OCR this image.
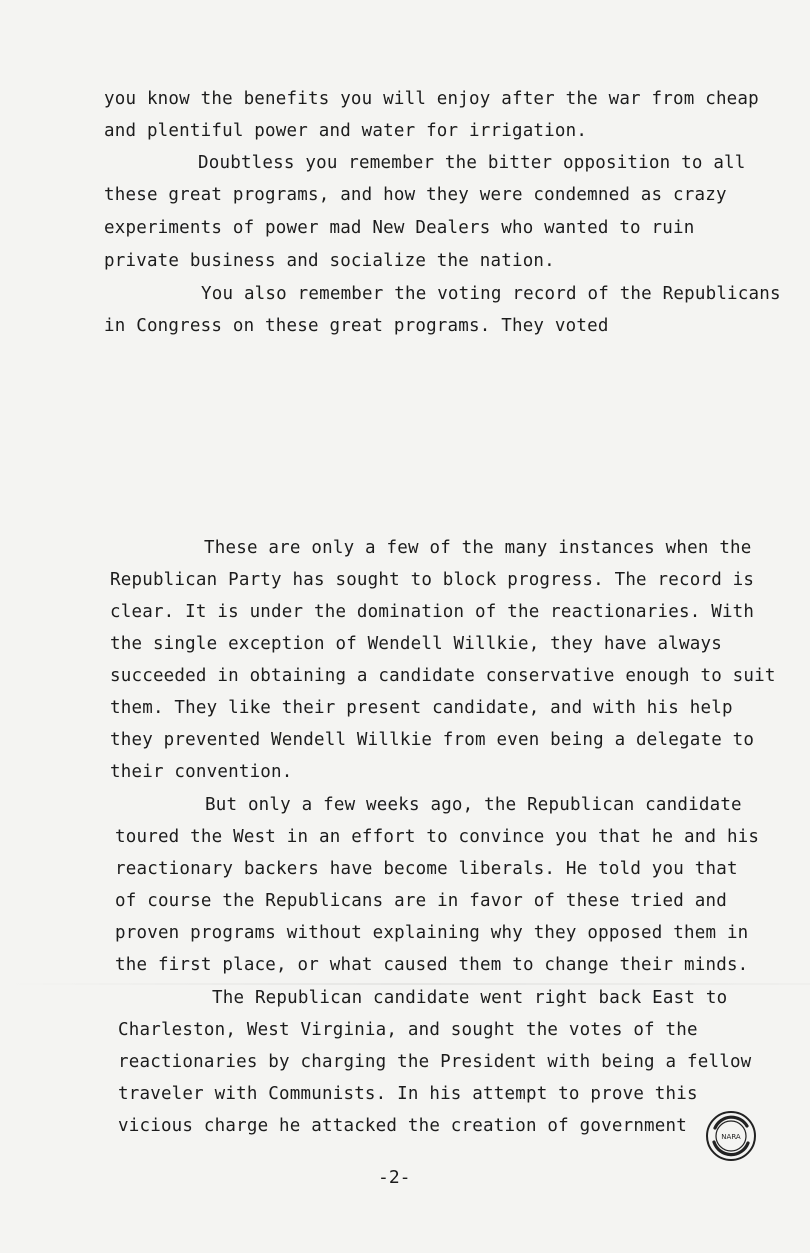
you know the benefits you will enjoy after the war from cheap
and plentiful power and water for irrigation.
Doubtless you remember the bitter opposition to all
these great programs, and how they were condemned as crazy
experiments of power mad New Dealers who wanted to ruin
private business and socialize the nation.
You also remember the voting record of the Republicans
in Congress on these great programs. They voted
These are only a few of the many instances when the
Republican Party has sought to block progress. The record is
clear. It is under the domination of the reactionaries. With
the single exception of Wendell Willkie, they have always
succeeded in obtaining a candidate conservative enough to suit
them. They like their present candidate, and with his help
they prevented Wendell Willkie from even being a delegate to
their convention.
But only a few weeks ago, the Republican candidate
toured the West in an effort to convince you that he and his
reactionary backers have become liberals. He told you that
of course the Republicans are in favor of these tried and
proven programs without explaining why they opposed them in
the first place, or what caused them to change their minds.
The Republican candidate went right back East to
Charleston, West Virginia, and sought the votes of the
reactionaries by charging the President with being a fellow
traveler with Communists. In his attempt to prove this
vicious charge he attacked the creation of government
NARA
-2-
